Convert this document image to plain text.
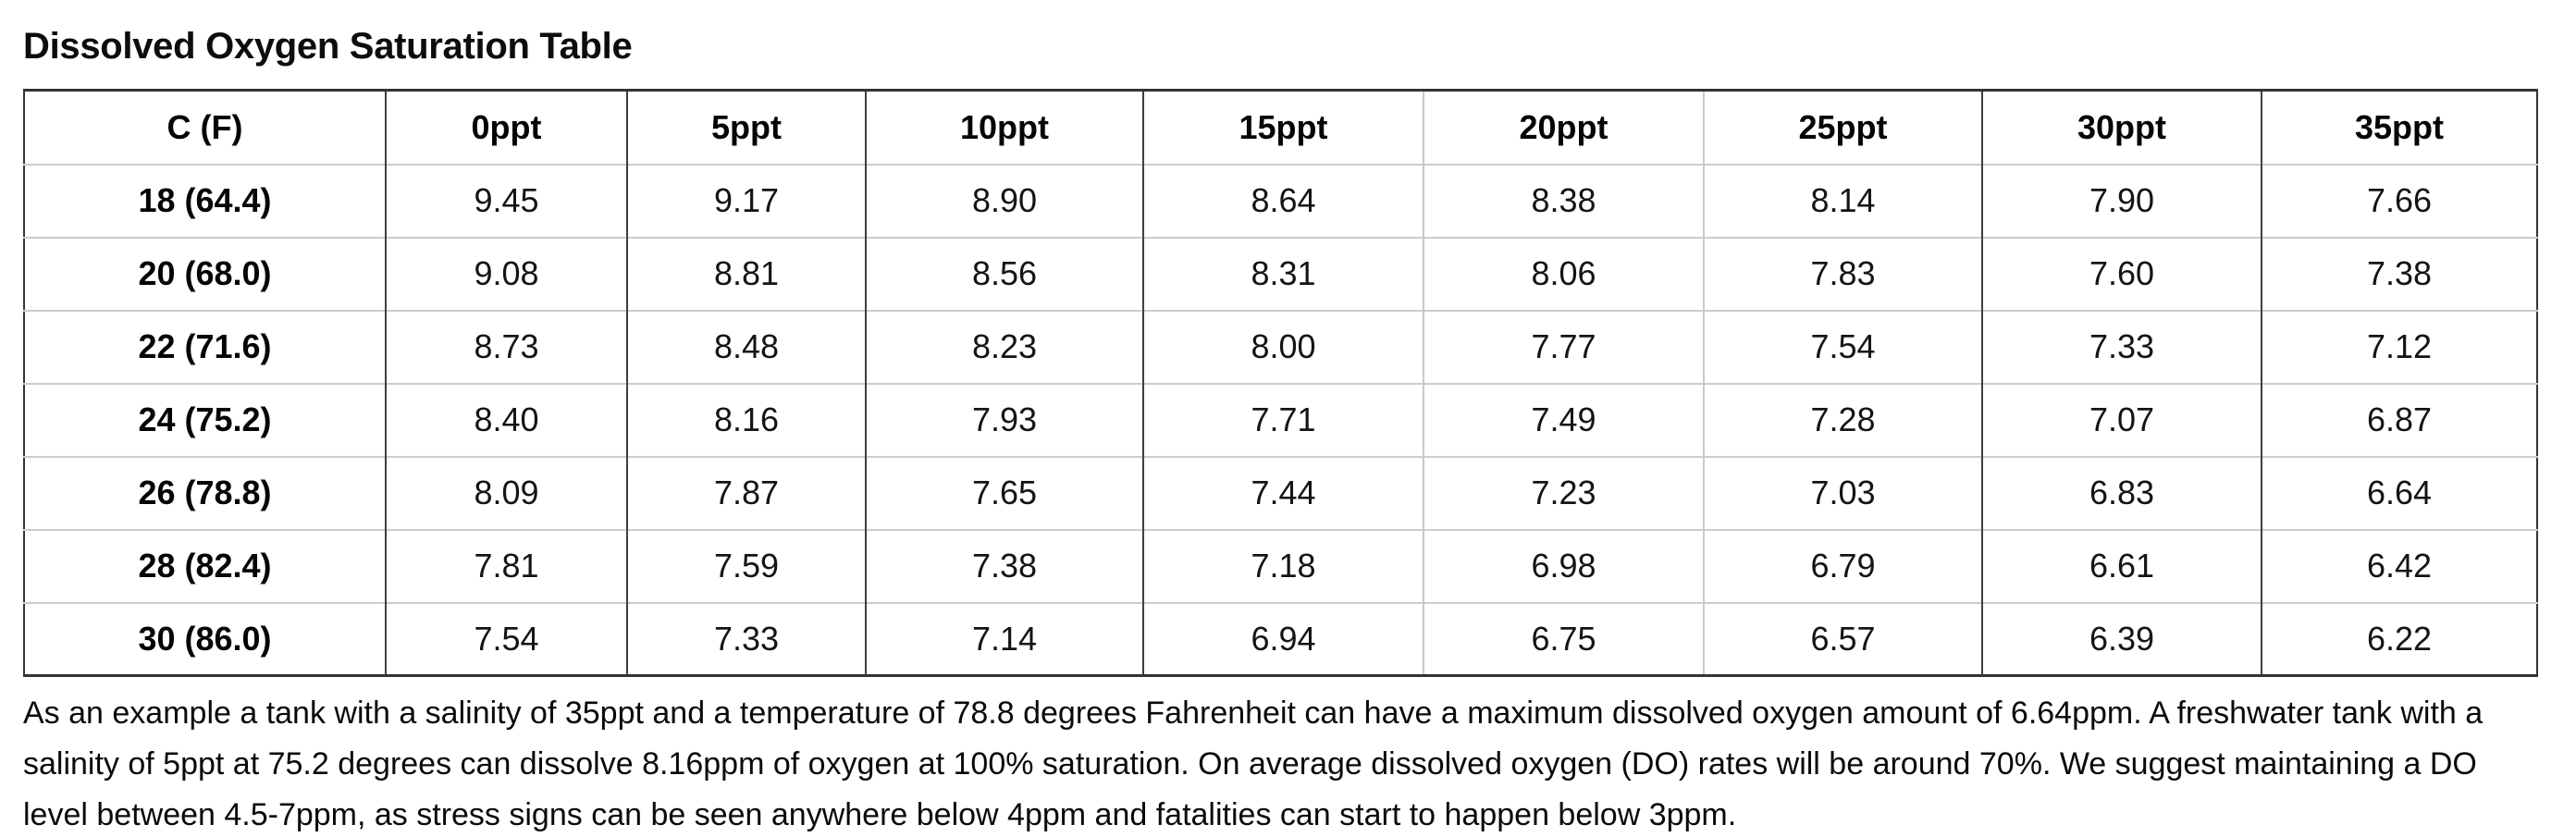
Dissolved Oxygen Saturation Table
C (F)	0ppt	5ppt	10ppt	15ppt	20ppt	25ppt	30ppt	35ppt
18 (64.4)	9.45	9.17	8.90	8.64	8.38	8.14	7.90	7.66
20 (68.0)	9.08	8.81	8.56	8.31	8.06	7.83	7.60	7.38
22 (71.6)	8.73	8.48	8.23	8.00	7.77	7.54	7.33	7.12
24 (75.2)	8.40	8.16	7.93	7.71	7.49	7.28	7.07	6.87
26 (78.8)	8.09	7.87	7.65	7.44	7.23	7.03	6.83	6.64
28 (82.4)	7.81	7.59	7.38	7.18	6.98	6.79	6.61	6.42
30 (86.0)	7.54	7.33	7.14	6.94	6.75	6.57	6.39	6.22

As an example a tank with a salinity of 35ppt and a temperature of 78.8 degrees Fahrenheit can have a maximum dissolved oxygen amount of 6.64ppm. A freshwater tank with a salinity of 5ppt at 75.2 degrees can dissolve 8.16ppm of oxygen at 100% saturation. On average dissolved oxygen (DO) rates will be around 70%. We suggest maintaining a DO level between 4.5-7ppm, as stress signs can be seen anywhere below 4ppm and fatalities can start to happen below 3ppm.
